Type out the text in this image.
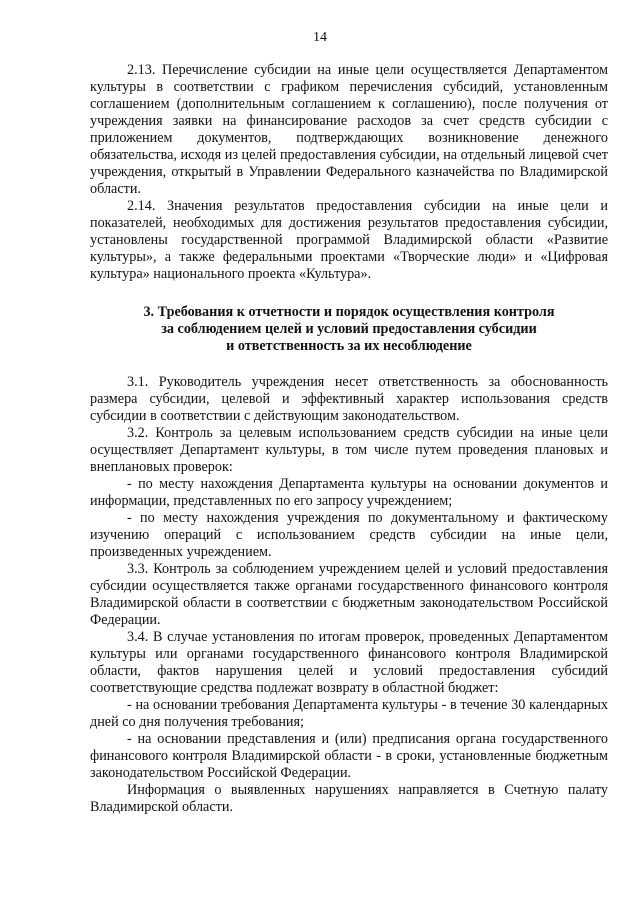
14

2.13. Перечисление субсидии на иные цели осуществляется Департаментом культуры в соответствии с графиком перечисления субсидий, установленным соглашением (дополнительным соглашением к соглашению), после получения от учреждения заявки на финансирование расходов за счет средств субсидии с приложением документов, подтверждающих возникновение денежного обязательства, исходя из целей предоставления субсидии, на отдельный лицевой счет учреждения, открытый в Управлении Федерального казначейства по Владимирской области.

2.14. Значения результатов предоставления субсидии на иные цели и показателей, необходимых для достижения результатов предоставления субсидии, установлены государственной программой Владимирской области «Развитие культуры», а также федеральными проектами «Творческие люди» и «Цифровая культура» национального проекта «Культура».

3. Требования к отчетности и порядок осуществления контроля
за соблюдением целей и условий предоставления субсидии
и ответственность за их несоблюдение

3.1. Руководитель учреждения несет ответственность за обоснованность размера субсидии, целевой и эффективный характер использования средств субсидии в соответствии с действующим законодательством.

3.2. Контроль за целевым использованием средств субсидии на иные цели осуществляет Департамент культуры, в том числе путем проведения плановых и внеплановых проверок:

- по месту нахождения Департамента культуры на основании документов и информации, представленных по его запросу учреждением;

- по месту нахождения учреждения по документальному и фактическому изучению операций с использованием средств субсидии на иные цели, произведенных учреждением.

3.3. Контроль за соблюдением учреждением целей и условий предоставления субсидии осуществляется также органами государственного финансового контроля Владимирской области в соответствии с бюджетным законодательством Российской Федерации.

3.4. В случае установления по итогам проверок, проведенных Департаментом культуры или органами государственного финансового контроля Владимирской области, фактов нарушения целей и условий предоставления субсидий соответствующие средства подлежат возврату в областной бюджет:

- на основании требования Департамента культуры - в течение 30 календарных дней со дня получения требования;

- на основании представления и (или) предписания органа государственного финансового контроля Владимирской области - в сроки, установленные бюджетным законодательством Российской Федерации.

Информация о выявленных нарушениях направляется в Счетную палату Владимирской области.
